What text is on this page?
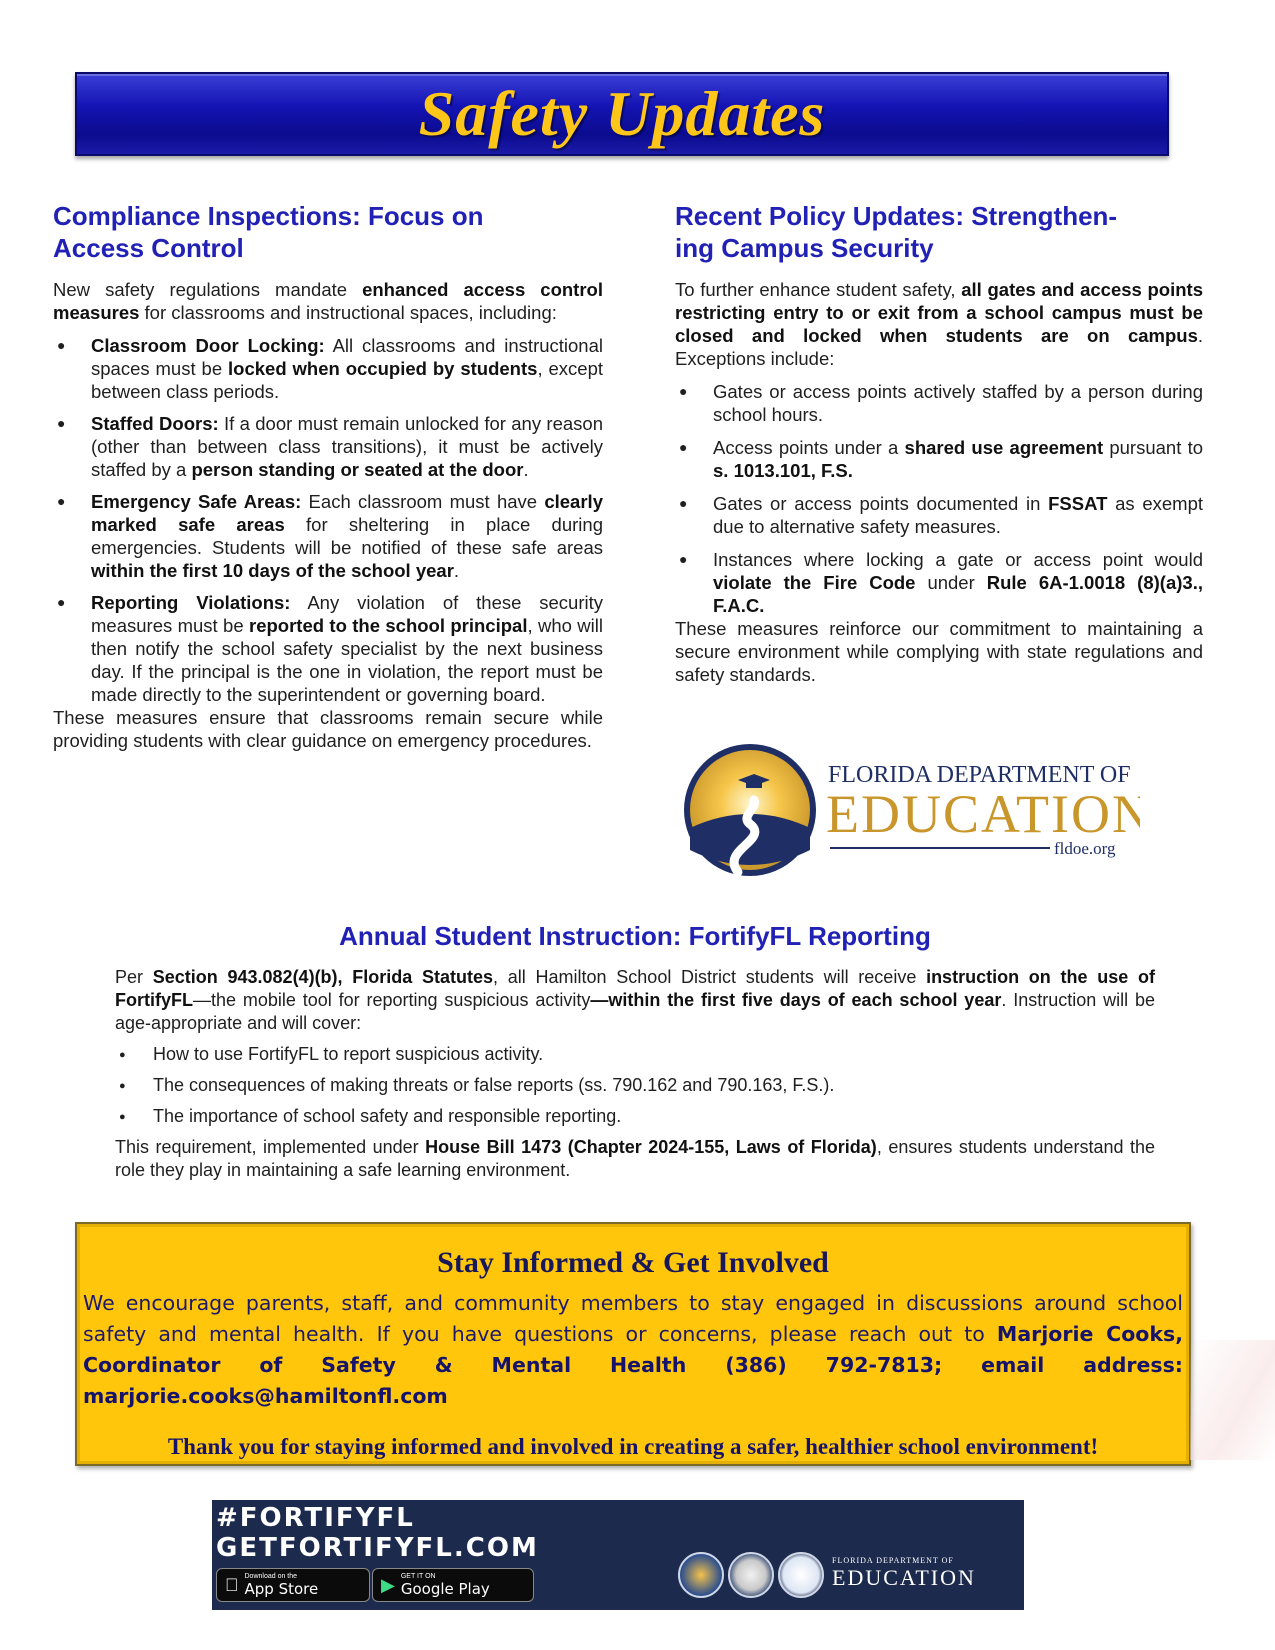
Safety Updates
Compliance Inspections: Focus on
Access Control

New safety regulations mandate enhanced access control measures for classrooms and instructional spaces, including:

● Classroom Door Locking: All classrooms and instructional spaces must be locked when occupied by students, except between class periods.
● Staffed Doors: If a door must remain unlocked for any reason (other than between class transitions), it must be actively staffed by a person standing or seated at the door.
● Emergency Safe Areas: Each classroom must have clearly marked safe areas for sheltering in place during emergencies. Students will be notified of these safe areas within the first 10 days of the school year.
● Reporting Violations: Any violation of these security measures must be reported to the school principal, who will then notify the school safety specialist by the next business day. If the principal is the one in violation, the report must be made directly to the superintendent or governing board.

These measures ensure that classrooms remain secure while providing students with clear guidance on emergency procedures.

Recent Policy Updates: Strengthen-
ing Campus Security

To further enhance student safety, all gates and access points restricting entry to or exit from a school campus must be closed and locked when students are on campus. Exceptions include:

● Gates or access points actively staffed by a person during school hours.
● Access points under a shared use agreement pursuant to s. 1013.101, F.S.
● Gates or access points documented in FSSAT as exempt due to alternative safety measures.
● Instances where locking a gate or access point would violate the Fire Code under Rule 6A-1.0018 (8)(a)3., F.A.C.

These measures reinforce our commitment to maintaining a secure environment while complying with state regulations and safety standards.

FLORIDA DEPARTMENT OF
EDUCATION
fldoe.org
Annual Student Instruction: FortifyFL Reporting

Per Section 943.082(4)(b), Florida Statutes, all Hamilton School District students will receive instruction on the use of FortifyFL—the mobile tool for reporting suspicious activity—within the first five days of each school year. Instruction will be age-appropriate and will cover:

● How to use FortifyFL to report suspicious activity.
● The consequences of making threats or false reports (ss. 790.162 and 790.163, F.S.).
● The importance of school safety and responsible reporting.

This requirement, implemented under House Bill 1473 (Chapter 2024-155, Laws of Florida), ensures students understand the role they play in maintaining a safe learning environment.

Stay Informed & Get Involved
We encourage parents, staff, and community members to stay engaged in discussions around school safety and mental health. If you have questions or concerns, please reach out to Marjorie Cooks, Coordinator of Safety & Mental Health (386) 792-7813; email address: marjorie.cooks@hamiltonfl.com
Thank you for staying informed and involved in creating a safer, healthier school environment!
#FORTIFYFL
GETFORTIFYFL.COM
Download on the
App Store	▶ GET IT ON
Google Play
FLORIDA DEPARTMENT OF
EDUCATION
